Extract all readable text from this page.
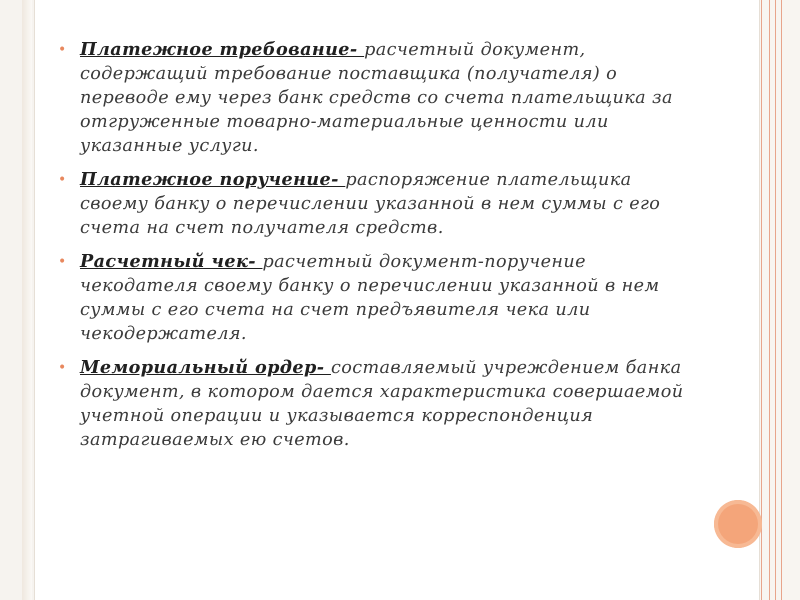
• Платежное требование- расчетный документ, содержащий требование поставщика (получателя) о переводе ему через банк средств со счета плательщика за отгруженные товарно-материальные ценности или указанные услуги.
• Платежное поручение- распоряжение плательщика своему банку о перечислении указанной в нем суммы с его счета на счет получателя средств.
• Расчетный чек- расчетный документ-поручение чекодателя своему банку о перечислении указанной в нем суммы с его счета на счет предъявителя чека или чекодержателя.
• Мемориальный ордер- составляемый учреждением банка документ, в котором дается характеристика совершаемой учетной операции и указывается корреспонденция затрагиваемых ею счетов.
